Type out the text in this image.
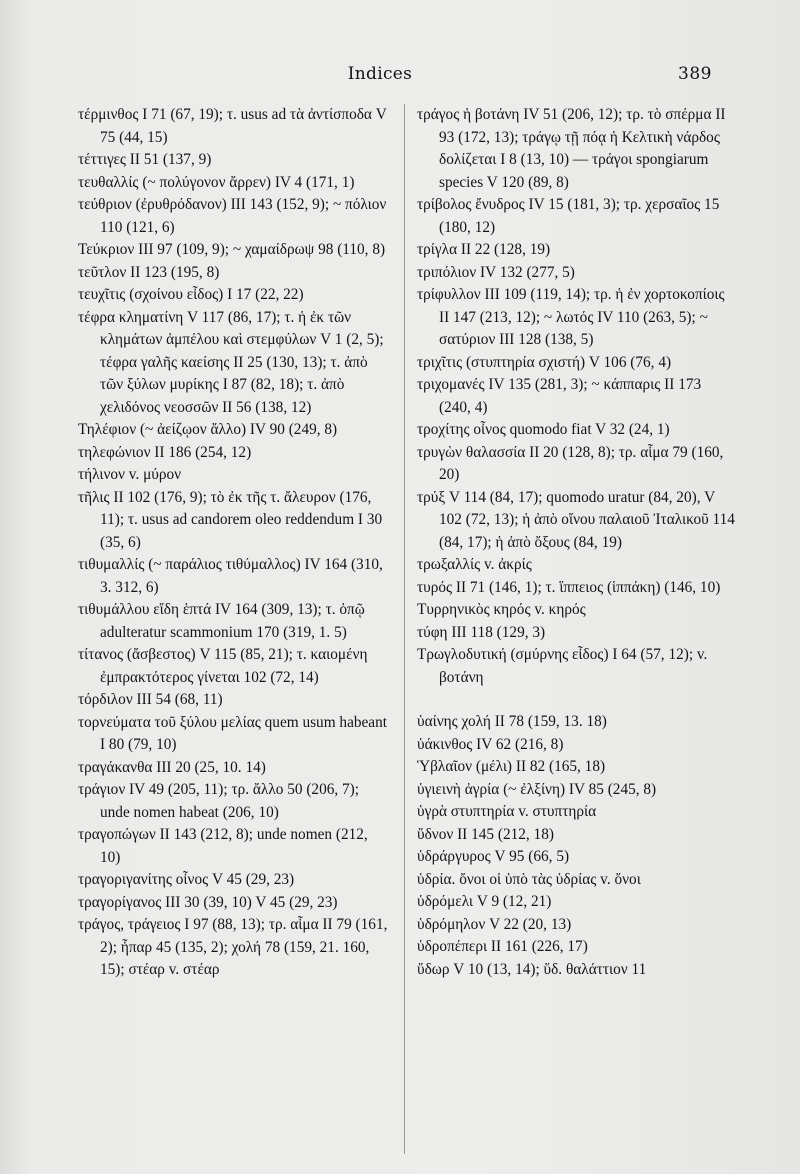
Indices	389
τέρμινθος I 71 (67, 19); τ. usus ad τὰ ἀντίσποδα V 75 (44, 15)
τέττιγες II 51 (137, 9)
τευθαλλίς (~ πολύγονον ἄρρεν) IV 4 (171, 1)
τεύθριον (ἐρυθρόδανον) III 143 (152, 9); ~ πόλιον 110 (121, 6)
Τεύκριον III 97 (109, 9); ~ χαμαίδρωψ 98 (110, 8)
τεῦτλον II 123 (195, 8)
τευχῖτις (σχοίνου εἶδος) I 17 (22, 22)
τέφρα κληματίνη V 117 (86, 17); τ. ἡ ἐκ τῶν κλημάτων ἀμπέλου καὶ στεμφύλων V 1 (2, 5); τέφρα γαλῆς καείσης II 25 (130, 13); τ. ἀπὸ τῶν ξύλων μυρίκης I 87 (82, 18); τ. ἀπὸ χελιδόνος νεοσσῶν II 56 (138, 12)
Τηλέφιον (~ ἀείζῳον ἄλλο) IV 90 (249, 8)
τηλεφώνιον II 186 (254, 12)
τήλινον v. μύρον
τῆλις II 102 (176, 9); τὸ ἐκ τῆς τ. ἄλευρον (176, 11); τ. usus ad candorem oleo reddendum I 30 (35, 6)
τιθυμαλλίς (~ παράλιος τιθύμαλλος) IV 164 (310, 3. 312, 6)
τιθυμάλλου εἴδη ἑπτά IV 164 (309, 13); τ. ὀπῷ adulteratur scammonium 170 (319, 1. 5)
τίτανος (ἄσβεστος) V 115 (85, 21); τ. καιομένη ἐμπρακτότερος γίνεται 102 (72, 14)
τόρδιλον III 54 (68, 11)
τορνεύματα τοῦ ξύλου μελίας quem usum habeant I 80 (79, 10)
τραγάκανθα III 20 (25, 10. 14)
τράγιον IV 49 (205, 11); τρ. ἄλλο 50 (206, 7); unde nomen habeat (206, 10)
τραγοπώγων II 143 (212, 8); unde nomen (212, 10)
τραγοριγανίτης οἶνος V 45 (29, 23)
τραγορίγανος III 30 (39, 10) V 45 (29, 23)
τράγος, τράγειος I 97 (88, 13); τρ. αἷμα II 79 (161, 2); ἧπαρ 45 (135, 2); χολή 78 (159, 21. 160, 15); στέαρ v. στέαρ
τράγος ἡ βοτάνη IV 51 (206, 12); τρ. τὸ σπέρμα II 93 (172, 13); τράγῳ τῇ πόᾳ ἡ Κελτικὴ νάρδος δολίζεται I 8 (13, 10) — τράγοι spongiarum species V 120 (89, 8)
τρίβολος ἔνυδρος IV 15 (181, 3); τρ. χερσαῖος 15 (180, 12)
τρίγλα II 22 (128, 19)
τριπόλιον IV 132 (277, 5)
τρίφυλλον III 109 (119, 14); τρ. ἡ ἐν χορτοκοπίοις II 147 (213, 12); ~ λωτός IV 110 (263, 5); ~ σατύριον III 128 (138, 5)
τριχῖτις (στυπτηρία σχιστή) V 106 (76, 4)
τριχομανές IV 135 (281, 3); ~ κάππαρις II 173 (240, 4)
τροχίτης οἶνος quomodo fiat V 32 (24, 1)
τρυγὼν θαλασσία II 20 (128, 8); τρ. αἷμα 79 (160, 20)
τρύξ V 114 (84, 17); quomodo uratur (84, 20), V 102 (72, 13); ἡ ἀπὸ οἴνου παλαιοῦ Ἰταλικοῦ 114 (84, 17); ἡ ἀπὸ ὄξους (84, 19)
τρωξαλλίς v. ἀκρίς
τυρός II 71 (146, 1); τ. ἵππειος (ἱππάκη) (146, 10)
Τυρρηνικὸς κηρός v. κηρός
τύφη III 118 (129, 3)
Τρωγλοδυτική (σμύρνης εἶδος) I 64 (57, 12); v. βοτάνη
ὑαίνης χολή II 78 (159, 13. 18)
ὑάκινθος IV 62 (216, 8)
Ὑβλαῖον (μέλι) II 82 (165, 18)
ὑγιεινὴ ἀγρία (~ ἐλξίνη) IV 85 (245, 8)
ὑγρὰ στυπτηρία v. στυπτηρία
ὕδνον II 145 (212, 18)
ὑδράργυρος V 95 (66, 5)
ὑδρία. ὄνοι οἱ ὑπὸ τὰς ὑδρίας v. ὄνοι
ὑδρόμελι V 9 (12, 21)
ὑδρόμηλον V 22 (20, 13)
ὑδροπέπερι II 161 (226, 17)
ὕδωρ V 10 (13, 14); ὕδ. θαλάττιον 11
